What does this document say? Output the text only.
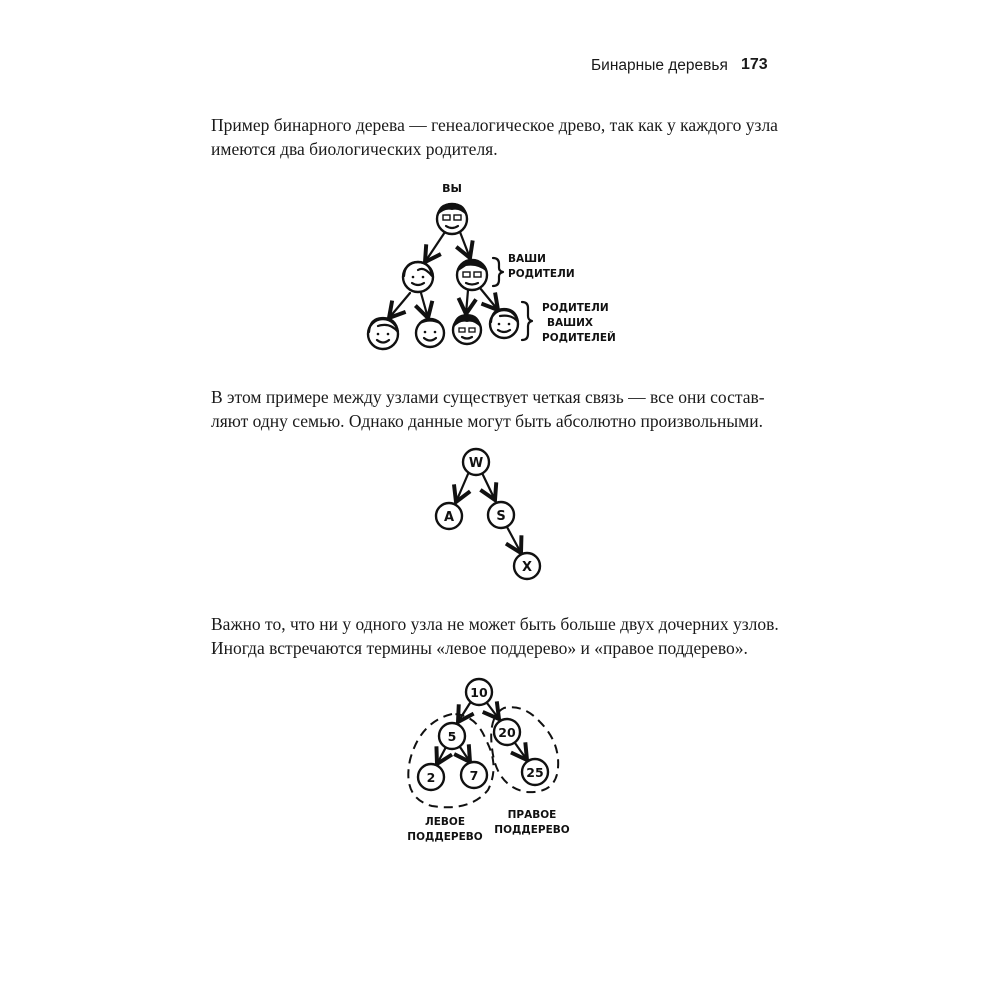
Бинарные деревья 173
Пример бинарного дерева — генеалогическое древо, так как у каждого узла
имеются два биологических родителя.
ВЫ
ВАШИ
РОДИТЕЛИ
РОДИТЕЛИ
ВАШИХ
РОДИТЕЛЕЙ
В этом примере между узлами существует четкая связь — все они состав-
ляют одну семью. Однако данные могут быть абсолютно произвольными.
W
A	S
X
Важно то, что ни у одного узла не может быть больше двух дочерних узлов.
Иногда встречаются термины «левое поддерево» и «правое поддерево».
10
5	20
2	7	25
ЛЕВОЕ
ПОДДЕРЕВО
ПРАВОЕ
ПОДДЕРЕВО
